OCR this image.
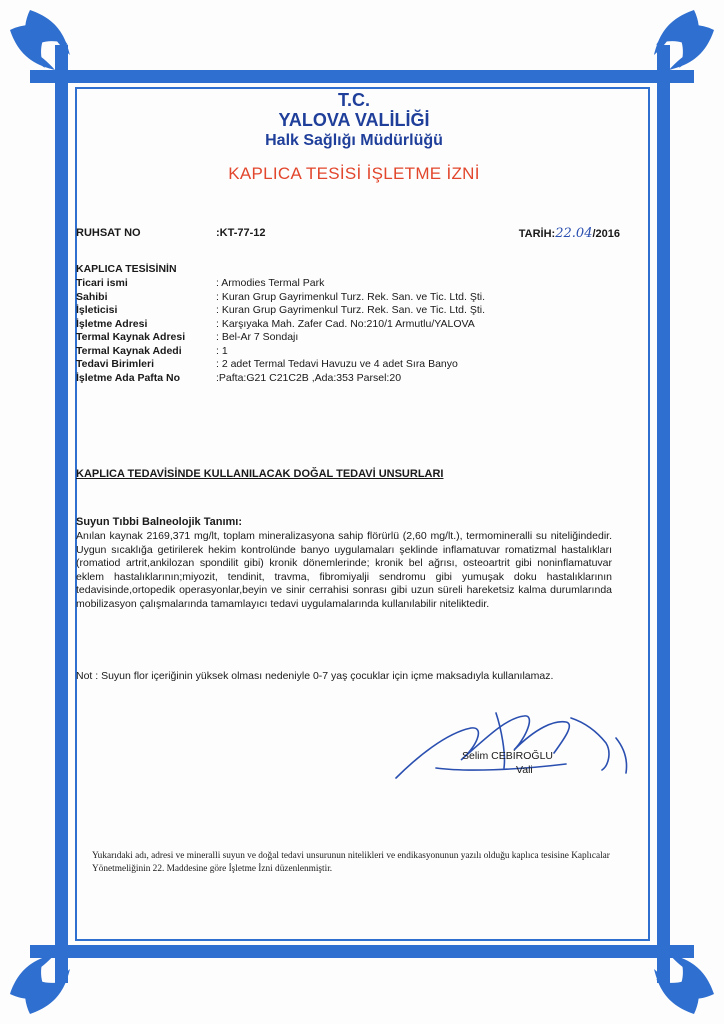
T.C.
YALOVA VALİLİĞİ
Halk Sağlığı Müdürlüğü
KAPLICA TESİSİ İŞLETME İZNİ
RUHSAT NO	:KT-77-12	TARİH:22.04/2016
KAPLICA TESİSİNİN
Ticari ismi	: Armodies Termal Park
Sahibi	: Kuran Grup Gayrimenkul Turz. Rek. San. ve Tic. Ltd. Şti.
İşleticisi	: Kuran Grup Gayrimenkul Turz. Rek. San. ve Tic. Ltd. Şti.
İşletme Adresi	: Karşıyaka Mah. Zafer Cad. No:210/1 Armutlu/YALOVA
Termal Kaynak Adresi	: Bel-Ar 7 Sondajı
Termal Kaynak Adedi	: 1
Tedavi Birimleri	: 2 adet Termal Tedavi Havuzu ve 4 adet Sıra Banyo
İşletme Ada Pafta No	:Pafta:G21 C21C2B ,Ada:353 Parsel:20
KAPLICA TEDAVİSİNDE KULLANILACAK DOĞAL TEDAVİ UNSURLARI
Suyun Tıbbi Balneolojik Tanımı:
Anılan kaynak 2169,371 mg/lt, toplam mineralizasyona sahip flörürlü (2,60 mg/lt.), termomineralli su niteliğindedir. Uygun sıcaklığa getirilerek hekim kontrolünde banyo uygulamaları şeklinde inflamatuvar romatizmal hastalıkları (romatiod artrit,ankilozan spondilit gibi) kronik dönemlerinde; kronik bel ağrısı, osteoartrit gibi noninflamatuvar eklem hastalıklarının;miyozit, tendinit, travma, fibromiyalji sendromu gibi yumuşak doku hastalıklarının tedavisinde,ortopedik operasyonlar,beyin ve sinir cerrahisi sonrası gibi uzun süreli hareketsiz kalma durumlarında mobilizasyon çalışmalarında tamamlayıcı tedavi uygulamalarında kullanılabilir niteliktedir.
Not : Suyun flor içeriğinin yüksek olması nedeniyle 0-7 yaş çocuklar için içme maksadıyla kullanılamaz.
Selim CEBİROĞLU
Vali
Yukarıdaki adı, adresi ve mineralli suyun ve doğal tedavi unsurunun nitelikleri ve endikasyonunun yazılı olduğu kaplıca tesisine Kaplıcalar Yönetmeliğinin 22. Maddesine göre İşletme İzni düzenlenmiştir.
